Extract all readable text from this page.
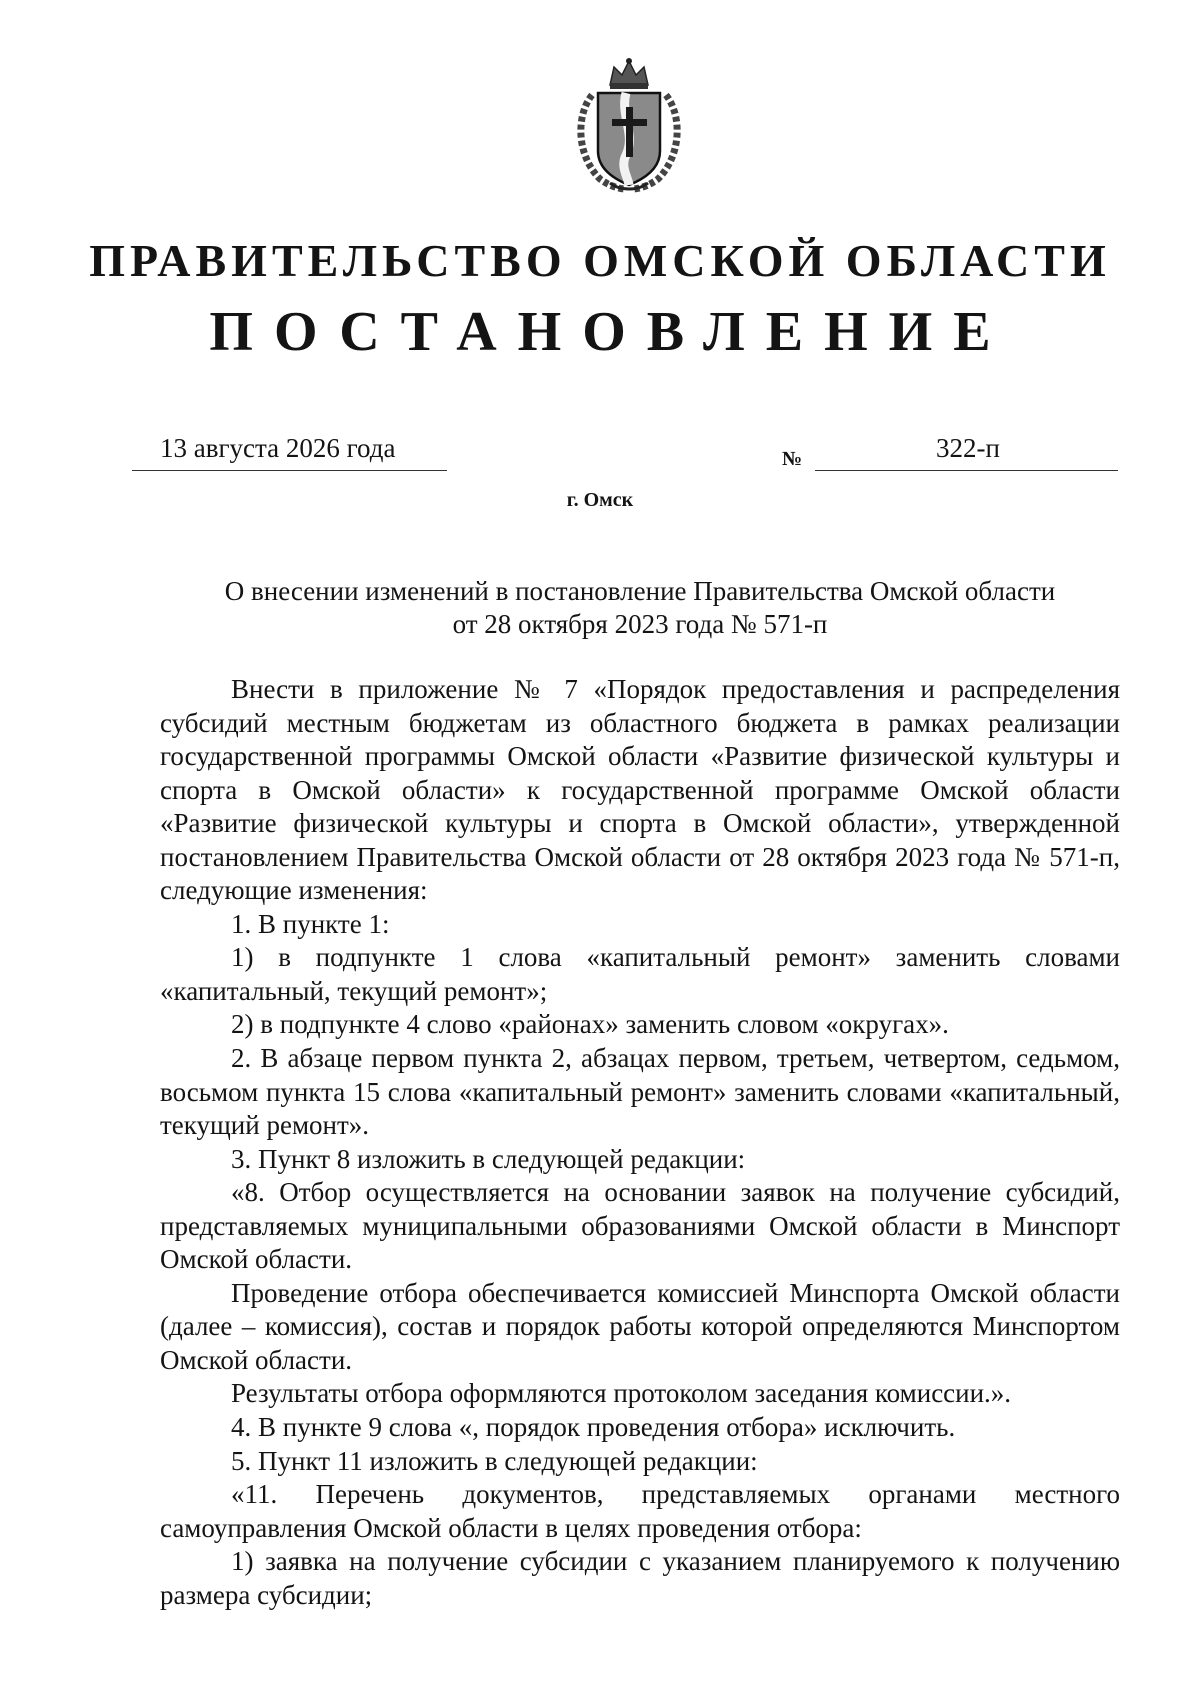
ПРАВИТЕЛЬСТВО ОМСКОЙ ОБЛАСТИ
ПОСТАНОВЛЕНИЕ
13 августа 2026 года	№	322-п
г. Омск
О внесении изменений в постановление Правительства Омской области
от 28 октября 2023 года № 571-п

Внести в приложение № 7 «Порядок предоставления и распределения субсидий местным бюджетам из областного бюджета в рамках реализации государственной программы Омской области «Развитие физической культуры и спорта в Омской области» к государственной программе Омской области «Развитие физической культуры и спорта в Омской области», утвержденной постановлением Правительства Омской области от 28 октября 2023 года № 571-п, следующие изменения:

1. В пункте 1:

1) в подпункте 1 слова «капитальный ремонт» заменить словами «капитальный, текущий ремонт»;

2) в подпункте 4 слово «районах» заменить словом «округах».

2. В абзаце первом пункта 2, абзацах первом, третьем, четвертом, седьмом, восьмом пункта 15 слова «капитальный ремонт» заменить словами «капитальный, текущий ремонт».

3. Пункт 8 изложить в следующей редакции:

«8. Отбор осуществляется на основании заявок на получение субсидий, представляемых муниципальными образованиями Омской области в Минспорт Омской области.

Проведение отбора обеспечивается комиссией Минспорта Омской области (далее – комиссия), состав и порядок работы которой определяются Минспортом Омской области.

Результаты отбора оформляются протоколом заседания комиссии.».

4. В пункте 9 слова «, порядок проведения отбора» исключить.

5. Пункт 11 изложить в следующей редакции:

«11. Перечень документов, представляемых органами местного самоуправления Омской области в целях проведения отбора:

1) заявка на получение субсидии с указанием планируемого к получению размера субсидии;
